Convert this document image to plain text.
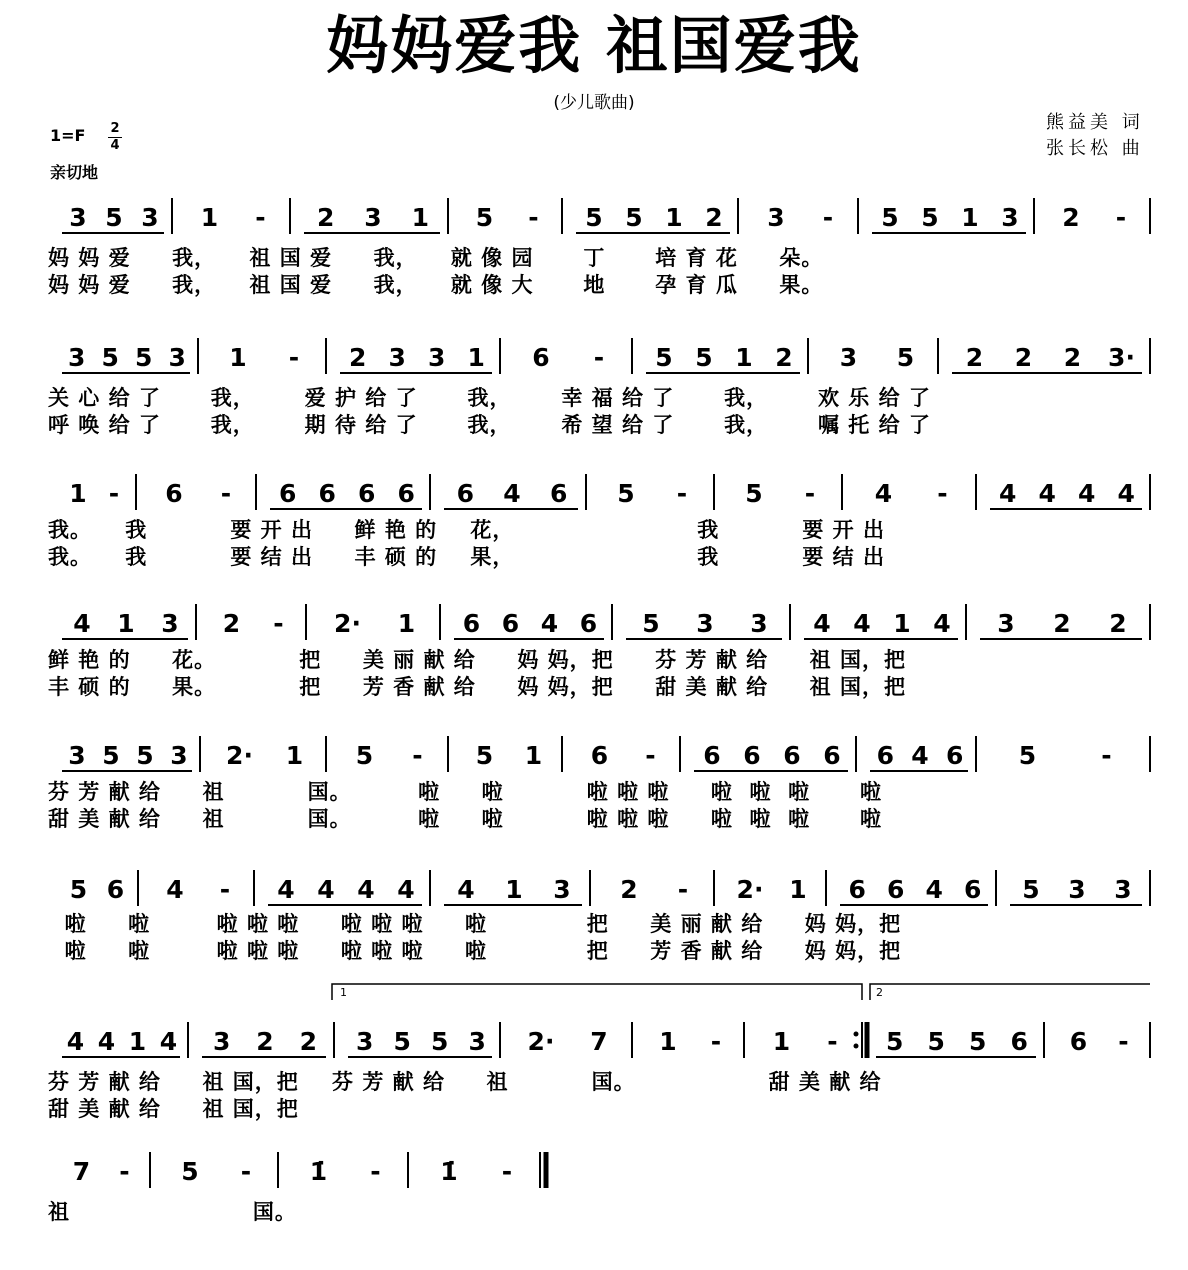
妈妈爱我 祖国爱我
(少儿歌曲)
熊益美 词
张长松 曲
1=F 2
4
亲切地
3 5 3 1 - 2 3 1 5 - 5 5 1 2 3 - 5 5 1 3 2 -
妈 妈 爱     我，    祖 国 爱     我，    就 像 园      丁      培 育 花     朵。
妈 妈 爱     我，    祖 国 爱     我，    就 像 大      地      孕 育 瓜     果。
3 5 5 3 1 - 2 3 3 1 6 - 5 5 1 2 3 5 2 2 2 3·
关 心 给 了      我，      爱 护 给 了      我，      幸 福 给 了      我，      欢 乐 给 了
呼 唤 给 了      我，      期 待 给 了      我，      希 望 给 了      我，      嘱 托 给 了
1 - 6 - 6 6 6 6 6 4 6 5 - 5 - 4 - 4 4 4 4
我。    我          要 开 出     鲜 艳 的    花，                      我          要 开 出
我。    我          要 结 出     丰 硕 的    果，                      我          要 结 出
4 1 3 2 - 2· 1 6 6 4 6 5 3 3 4 4 1 4 3 2 2
鲜 艳 的     花。          把     美 丽 献 给     妈 妈，把     芬 芳 献 给     祖 国，把
丰 硕 的     果。          把     芳 香 献 给     妈 妈，把     甜 美 献 给     祖 国，把
3 5 5 3 2· 1 5 - 5 1 6 - 6 6 6 6 6 4 6 5	-
芬 芳 献 给     祖          国。        啦     啦          啦 啦 啦     啦  啦  啦      啦
甜 美 献 给     祖          国。        啦     啦          啦 啦 啦     啦  啦  啦      啦
5 6 4 - 4 4 4 4 4 1 3 2 - 2· 1 6 6 4 6 5 3 3
啦     啦        啦 啦 啦     啦 啦 啦     啦            把     美 丽 献 给     妈 妈，把
啦     啦        啦 啦 啦     啦 啦 啦     啦            把     芳 香 献 给     妈 妈，把
4 4 1 4 3 2 2 3 5 5 3 2· 7 1 - 1 - 5 5 5 6 6 -
芬 芳 献 给     祖 国，把    芬 芳 献 给     祖          国。                甜 美 献 给
甜 美 献 给     祖 国，把
7 - 5 - 1̇ - 1̇ -
祖                      国。
1	2
